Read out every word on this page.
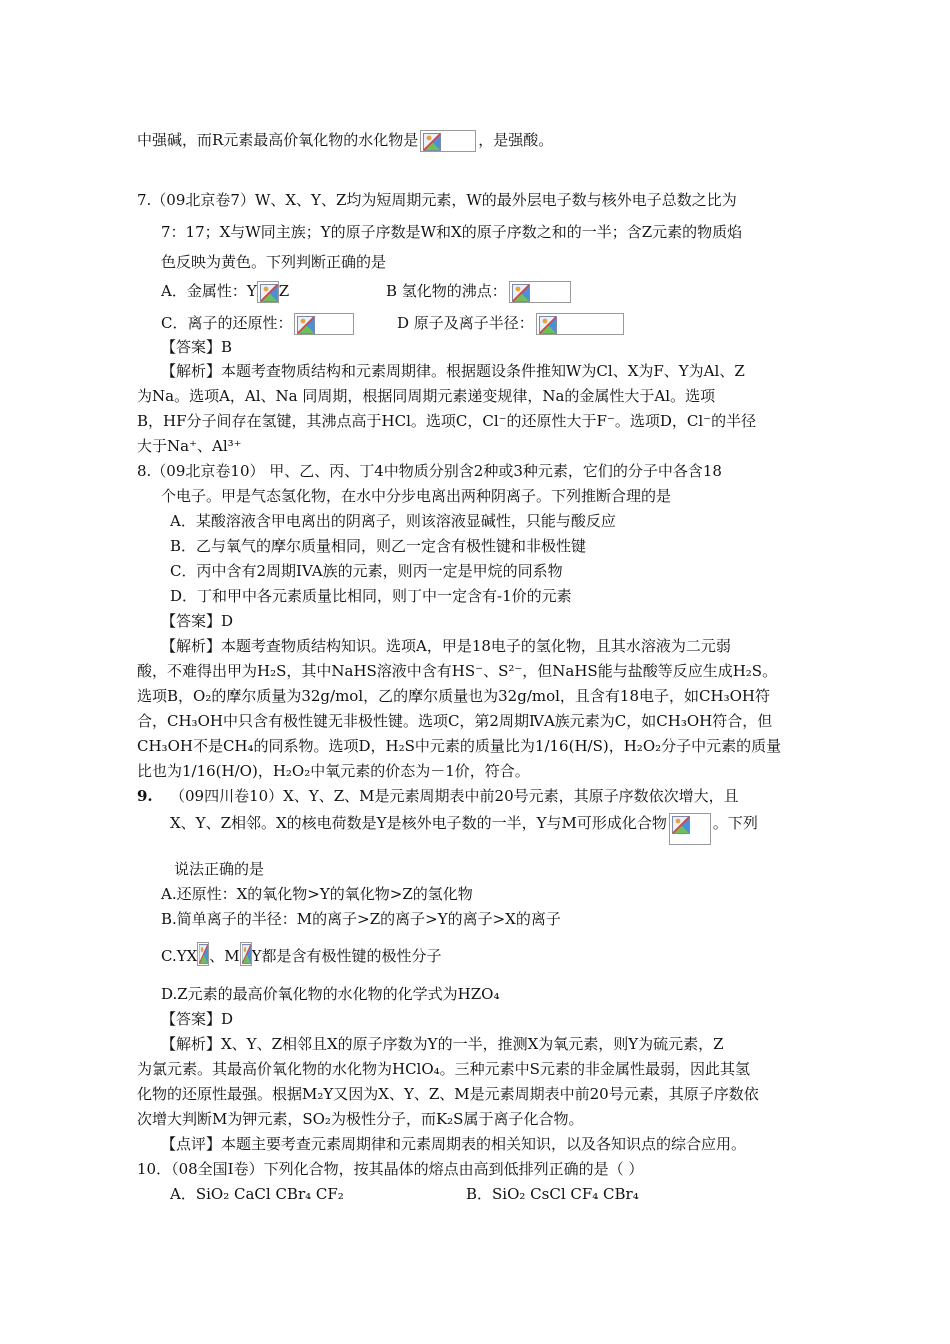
中强碱，而R元素最高价氧化物的水化物是	，是强酸。
7.（09北京卷7）W、X、Y、Z均为短周期元素，W的最外层电子数与核外电子总数之比为
7：17；X与W同主族；Y的原子序数是W和X的原子序数之和的一半；含Z元素的物质焰
色反映为黄色。下列判断正确的是
A．金属性：Y Z	B 氢化物的沸点：
C．离子的还原性：	D 原子及离子半径：
【答案】B
【解析】本题考查物质结构和元素周期律。根据题设条件推知W为Cl、X为F、Y为Al、Z
为Na。选项A，Al、Na 同周期，根据同周期元素递变规律，Na的金属性大于Al。选项
B，HF分子间存在氢键，其沸点高于HCl。选项C，Cl⁻的还原性大于F⁻。选项D，Cl⁻的半径
大于Na⁺、Al³⁺
8.（09北京卷10） 甲、乙、丙、丁4中物质分别含2种或3种元素，它们的分子中各含18
个电子。甲是气态氢化物，在水中分步电离出两种阴离子。下列推断合理的是
A．某酸溶液含甲电离出的阴离子，则该溶液显碱性，只能与酸反应
B．乙与氧气的摩尔质量相同，则乙一定含有极性键和非极性键
C．丙中含有2周期IVA族的元素，则丙一定是甲烷的同系物
D．丁和甲中各元素质量比相同，则丁中一定含有-1价的元素
【答案】D
【解析】本题考查物质结构知识。选项A，甲是18电子的氢化物，且其水溶液为二元弱
酸，不难得出甲为H₂S，其中NaHS溶液中含有HS⁻、S²⁻，但NaHS能与盐酸等反应生成H₂S。
选项B，O₂的摩尔质量为32g/mol，乙的摩尔质量也为32g/mol，且含有18电子，如CH₃OH符
合，CH₃OH中只含有极性键无非极性键。选项C，第2周期ⅣA族元素为C，如CH₃OH符合，但
CH₃OH不是CH₄的同系物。选项D，H₂S中元素的质量比为1/16(H/S)，H₂O₂分子中元素的质量
比也为1/16(H/O)，H₂O₂中氧元素的价态为－1价，符合。
9. （09四川卷10）X、Y、Z、M是元素周期表中前20号元素，其原子序数依次增大，且
X、Y、Z相邻。X的核电荷数是Y是核外电子数的一半，Y与M可形成化合物	。下列
说法正确的是
A.还原性：X的氧化物>Y的氧化物>Z的氢化物
B.简单离子的半径：M的离子>Z的离子>Y的离子>X的离子
C.YX 、M Y都是含有极性键的极性分子
D.Z元素的最高价氧化物的水化物的化学式为HZO₄
【答案】D
【解析】X、Y、Z相邻且X的原子序数为Y的一半，推测X为氧元素，则Y为硫元素，Z
为氯元素。其最高价氧化物的水化物为HClO₄。三种元素中S元素的非金属性最弱，因此其氢
化物的还原性最强。根据M₂Y又因为X、Y、Z、M是元素周期表中前20号元素，其原子序数依
次增大判断M为钾元素，SO₂为极性分子，而K₂S属于离子化合物。
【点评】本题主要考查元素周期律和元素周期表的相关知识，以及各知识点的综合应用。
10．（08全国Ⅰ卷）下列化合物，按其晶体的熔点由高到低排列正确的是（ ）
A．SiO₂ CaCl CBr₄ CF₂	B．SiO₂ CsCl CF₄ CBr₄
